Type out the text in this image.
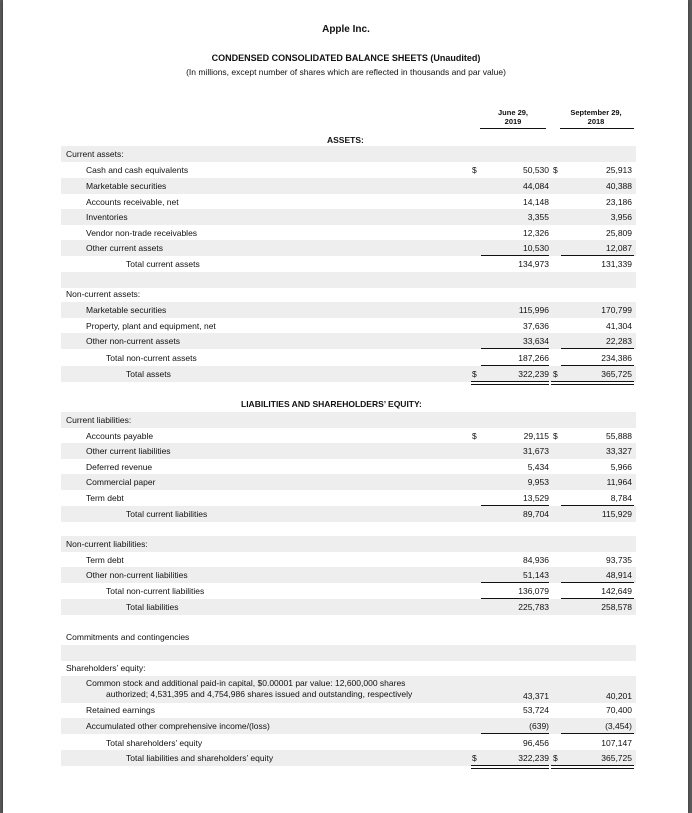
Apple Inc.
CONDENSED CONSOLIDATED BALANCE SHEETS (Unaudited)
(In millions, except number of shares which are reflected in thousands and par value)
June 29,
2019
September 29,
2018
ASSETS:
Current assets:
Cash and cash equivalents	$	50,530 $	25,913
Marketable securities	44,084	40,388
Accounts receivable, net	14,148	23,186
Inventories	3,355	3,956
Vendor non-trade receivables	12,326	25,809
Other current assets	10,530	12,087
Total current assets	134,973	131,339
Non-current assets:
Marketable securities	115,996	170,799
Property, plant and equipment, net	37,636	41,304
Other non-current assets	33,634	22,283
Total non-current assets	187,266	234,386
Total assets	$	322,239 $	365,725
LIABILITIES AND SHAREHOLDERS’ EQUITY:
Current liabilities:
Accounts payable	$	29,115 $	55,888
Other current liabilities	31,673	33,327
Deferred revenue	5,434	5,966
Commercial paper	9,953	11,964
Term debt	13,529	8,784
Total current liabilities	89,704	115,929
Non-current liabilities:
Term debt	84,936	93,735
Other non-current liabilities	51,143	48,914
Total non-current liabilities	136,079	142,649
Total liabilities	225,783	258,578
Commitments and contingencies
Shareholders’ equity:
Common stock and additional paid-in capital, $0.00001 par value: 12,600,000 shares
authorized; 4,531,395 and 4,754,986 shares issued and outstanding, respectively	43,371	40,201
Retained earnings	53,724	70,400
Accumulated other comprehensive income/(loss)	(639)	(3,454)
Total shareholders’ equity	96,456	107,147
Total liabilities and shareholders’ equity	$	322,239 $	365,725
